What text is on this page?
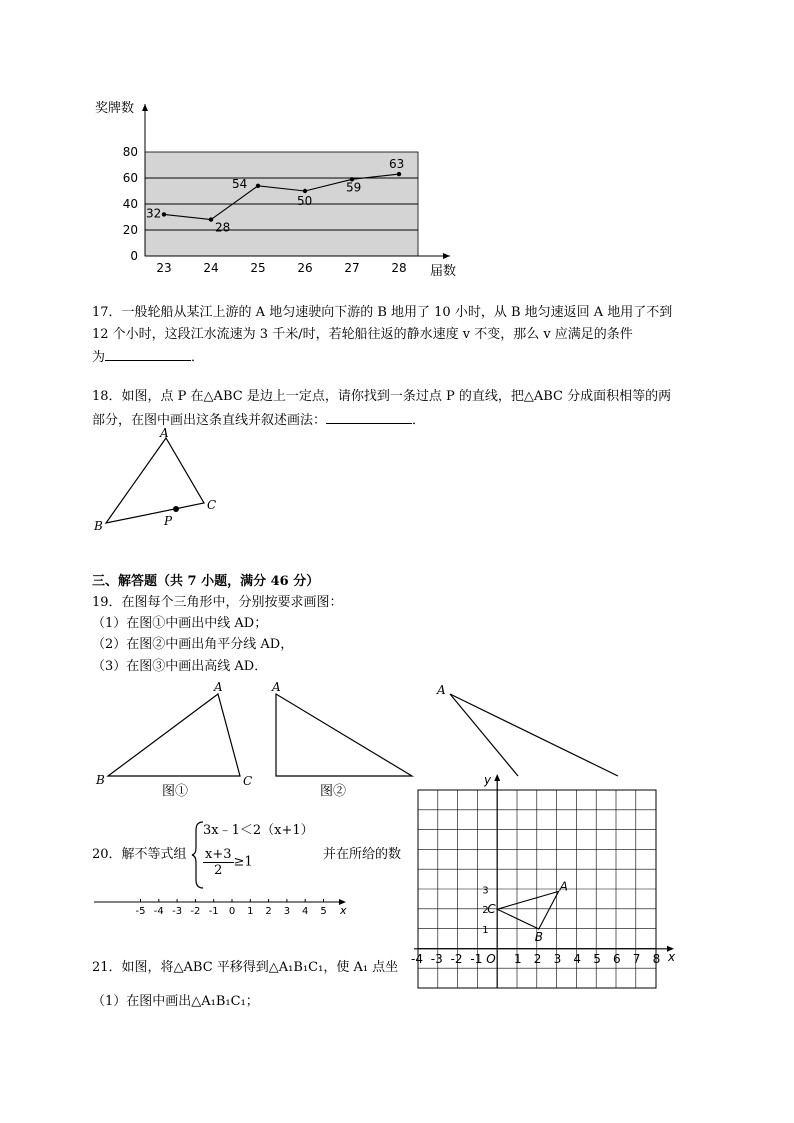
0
20
40
60
80
23	24	25	26	27	28
奖牌数
届数
32
28
54
50
59
63
17．一般轮船从某江上游的 A 地匀速驶向下游的 B 地用了 10 小时，从 B 地匀速返回 A 地用了不到
12 个小时，这段江水流速为 3 千米/时，若轮船往返的静水速度 v 不变，那么 v 应满足的条件
为	．
18．如图，点 P 在△ABC 是边上一定点，请你找到一条过点 P 的直线，把△ABC 分成面积相等的两
部分，在图中画出这条直线并叙述画法：	．
A
B
C
P
三、解答题（共 7 小题，满分 46 分）
19．在图每个三角形中，分别按要求画图：
（1）在图①中画出中线 AD；
（2）在图②中画出角平分线 AD，
（3）在图③中画出高线 AD．
A
B	C
A	A
图①	图②
20．解不等式组
3x﹣1＜2（x+1）
$\frac{x+3}{2} \ge 1$	并在所给的数
-5 -4 -3 -2 -1 0 1 2 3 4 5 x
21．如图，将△ABC 平移得到△A₁B₁C₁，使 A₁ 点坐
（1）在图中画出△A₁B₁C₁；
x
y
-4 -3 -2 -1	1 2 3 4 5 6 7 8
O
1
2
3	A
B
C
